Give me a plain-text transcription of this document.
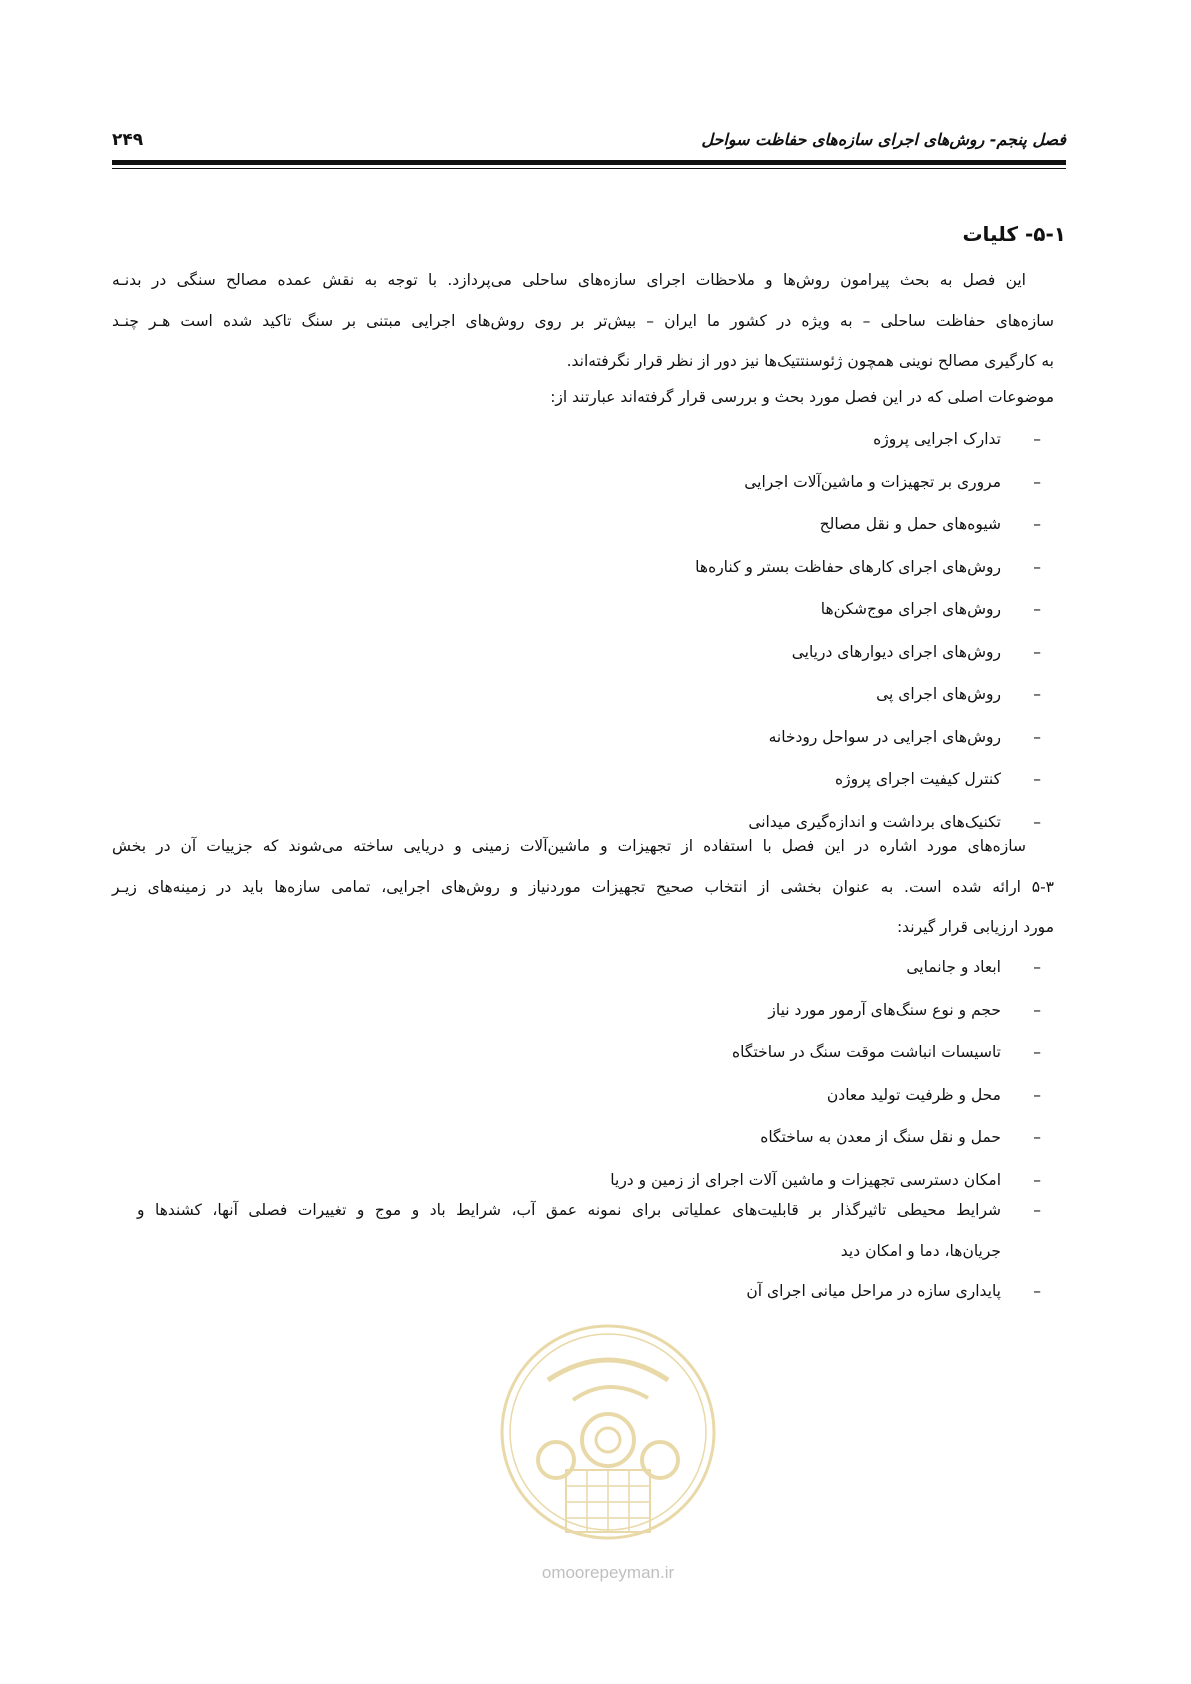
فصل پنجم- روش‌های اجرای سازه‌های حفاظت سواحل
۲۴۹
۵-۱- کلیات
این فصل به بحث پیرامون روش‌ها و ملاحظات اجرای سازه‌های ساحلی می‌پردازد. با توجه به نقش عمده مصالح سنگی در بدنـه
سازه‌های حفاظت ساحلی – به ویژه در کشور ما ایران – بیش‌تر بر روی روش‌های اجرایی مبتنی بر سنگ تاکید شده است هـر چنـد
به کارگیری مصالح نوینی همچون ژئوسنتتیک‌ها نیز دور از نظر قرار نگرفته‌اند.
موضوعات اصلی که در این فصل مورد بحث و بررسی قرار گرفته‌اند عبارتند از:
–
تدارک اجرایی پروژه
–
مروری بر تجهیزات و ماشین‌آلات اجرایی
–
شیوه‌های حمل و نقل مصالح
–
روش‌های اجرای کارهای حفاظت بستر و کناره‌ها
–
روش‌های اجرای موج‌شکن‌ها
–
روش‌های اجرای دیوارهای دریایی
–
روش‌های اجرای پی
–
روش‌های اجرایی در سواحل رودخانه
–
کنترل کیفیت اجرای پروژه
–
تکنیک‌های برداشت و اندازه‌گیری میدانی
سازه‌های مورد اشاره در این فصل با استفاده از تجهیزات و ماشین‌آلات زمینی و دریایی ساخته می‌شوند که جزییات آن در بخش
۵-۳ ارائه شده است. به عنوان بخشی از انتخاب صحیح تجهیزات موردنیاز و روش‌های اجرایی، تمامی سازه‌ها باید در زمینه‌های زیـر
مورد ارزیابی قرار گیرند:
–
ابعاد و جانمایی
–
حجم و نوع سنگ‌های آرمور مورد نیاز
–
تاسیسات انباشت موقت سنگ در ساختگاه
–
محل و ظرفیت تولید معادن
–
حمل و نقل سنگ از معدن به ساختگاه
–
امکان دسترسی تجهیزات و ماشین آلات اجرای از زمین و دریا
–
شرایط محیطی تاثیرگذار بر قابلیت‌های عملیاتی برای نمونه عمق آب، شرایط باد و موج و تغییرات فصلی آنها، کشندها و
جریان‌ها، دما و امکان دید
–
پایداری سازه در مراحل میانی اجرای آن
omoorepeyman.ir
